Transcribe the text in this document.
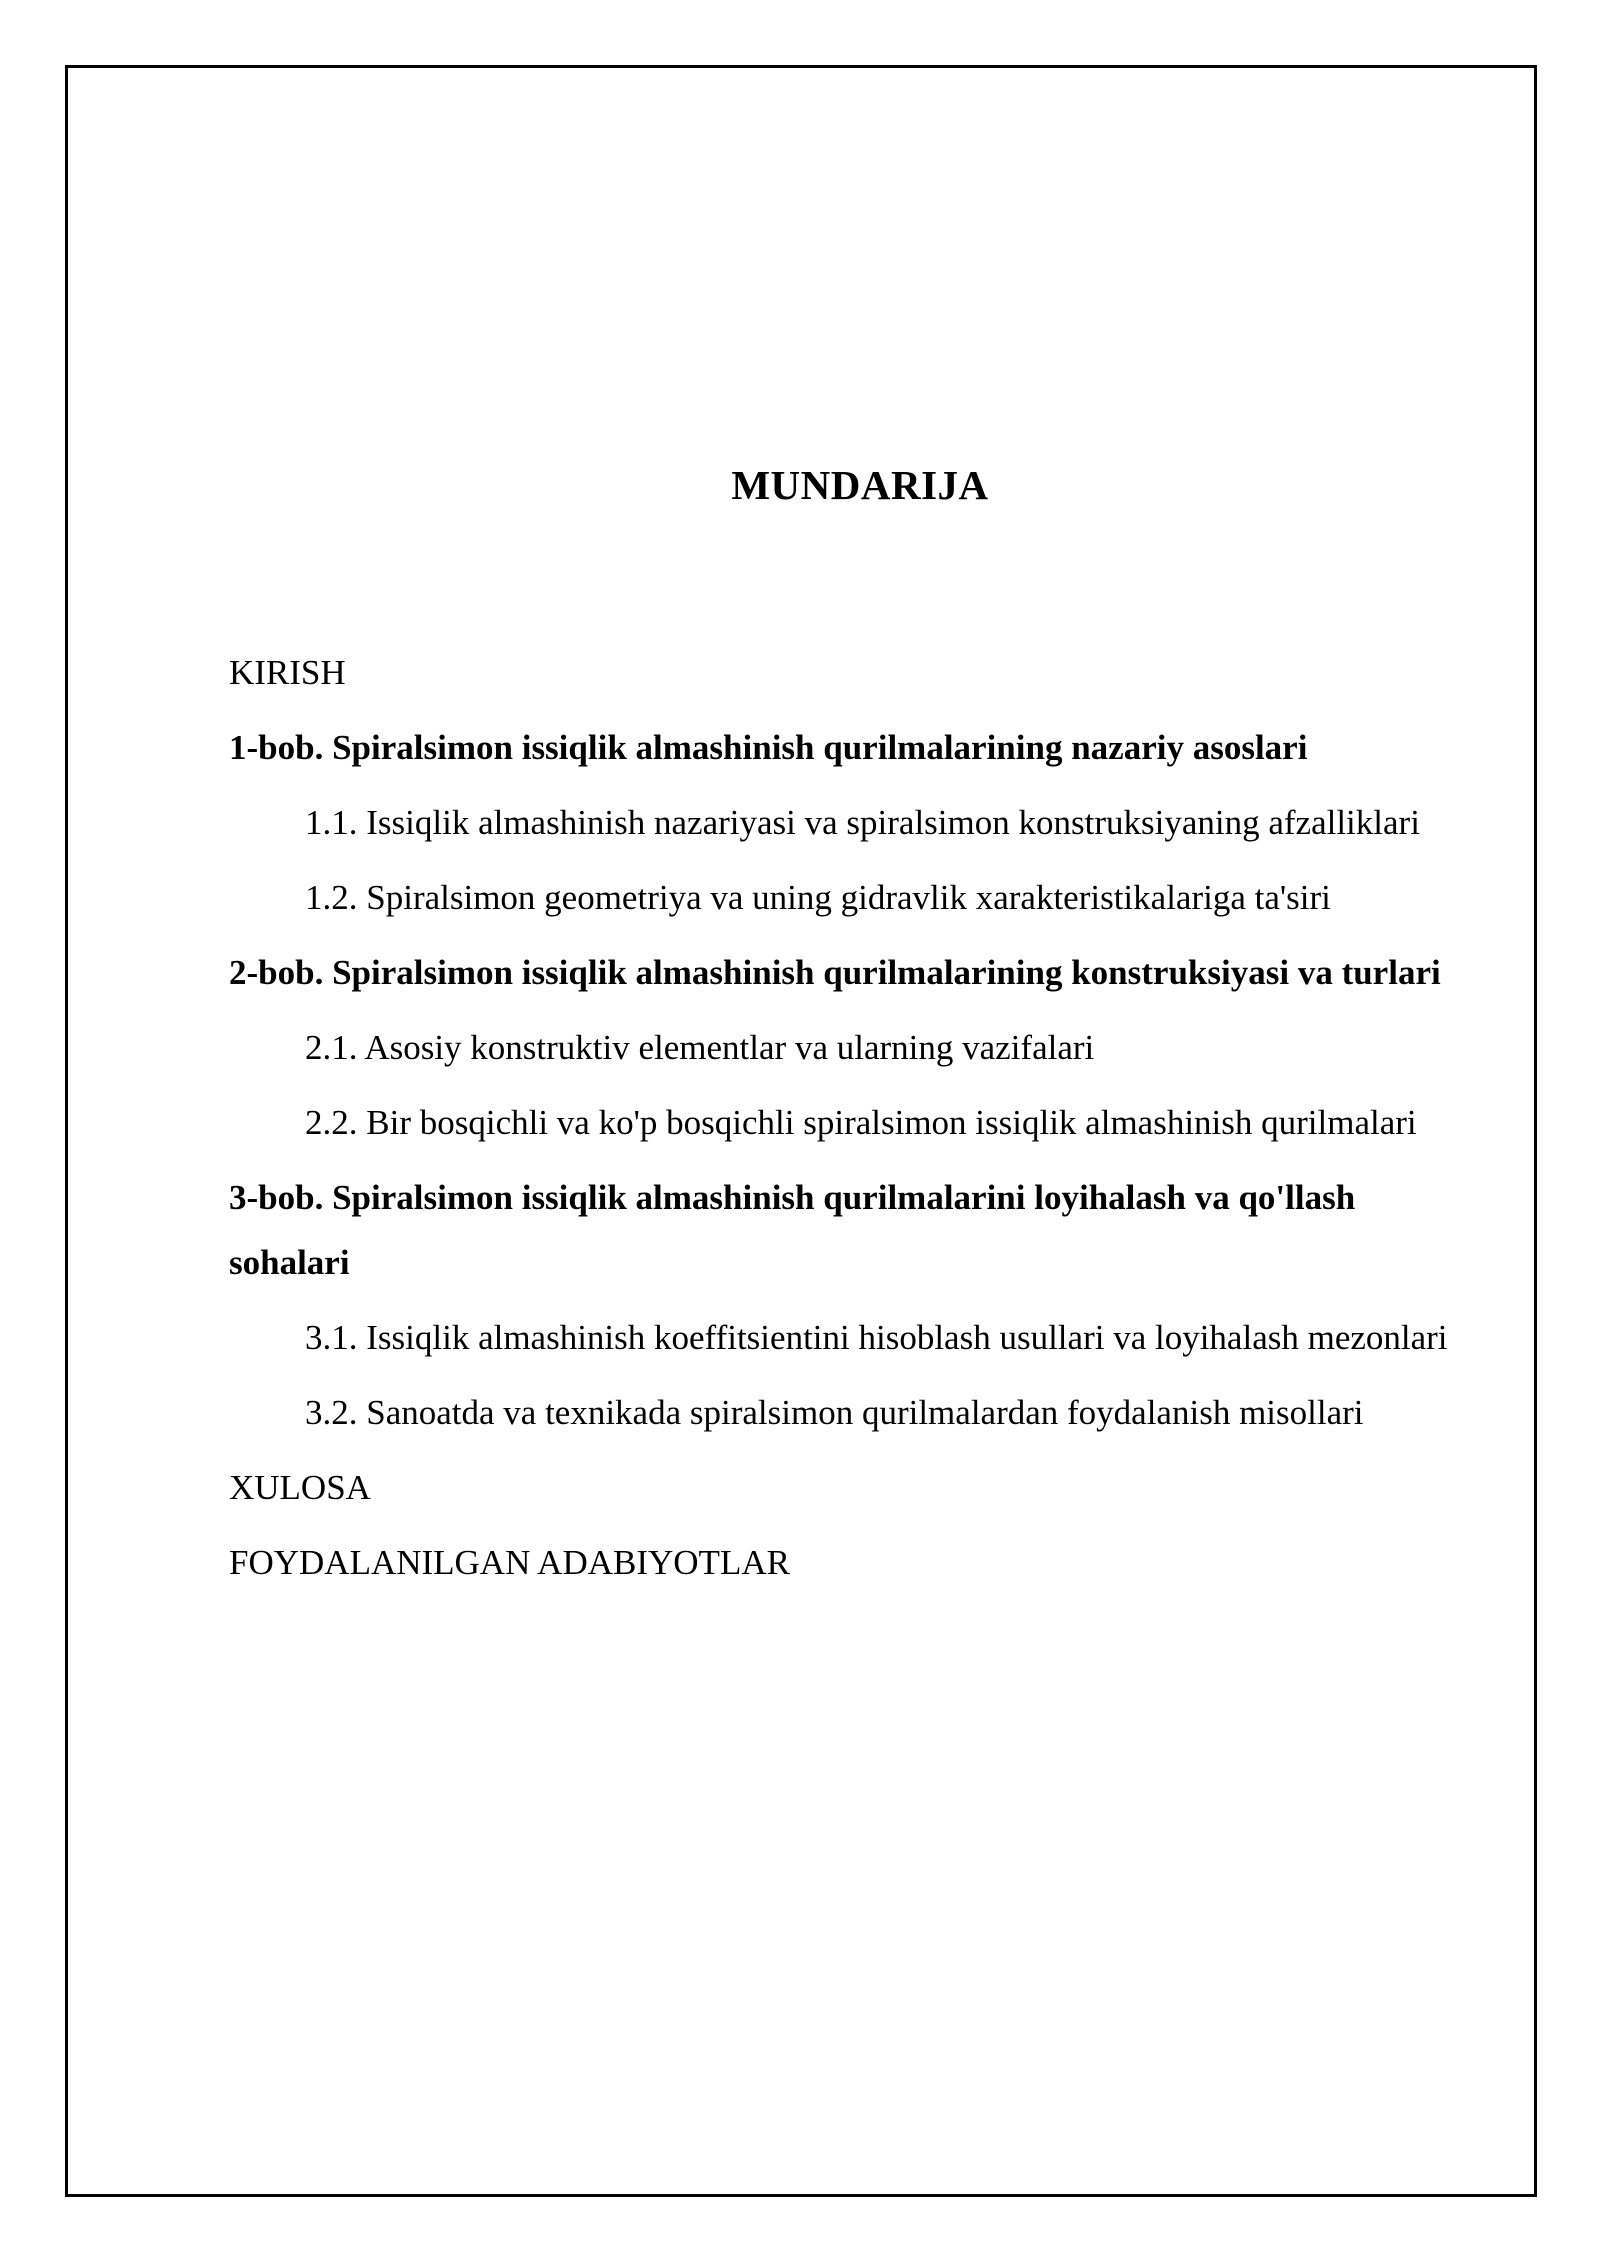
MUNDARIJA
KIRISH
1-bob. Spiralsimon issiqlik almashinish qurilmalarining nazariy asoslari
1.1. Issiqlik almashinish nazariyasi va spiralsimon konstruksiyaning afzalliklari
1.2. Spiralsimon geometriya va uning gidravlik xarakteristikalariga ta'siri
2-bob. Spiralsimon issiqlik almashinish qurilmalarining konstruksiyasi va turlari
2.1. Asosiy konstruktiv elementlar va ularning vazifalari
2.2. Bir bosqichli va ko'p bosqichli spiralsimon issiqlik almashinish qurilmalari
3-bob. Spiralsimon issiqlik almashinish qurilmalarini loyihalash va qo'llash sohalari
3.1. Issiqlik almashinish koeffitsientini hisoblash usullari va loyihalash mezonlari
3.2. Sanoatda va texnikada spiralsimon qurilmalardan foydalanish misollari
XULOSA
FOYDALANILGAN ADABIYOTLAR
